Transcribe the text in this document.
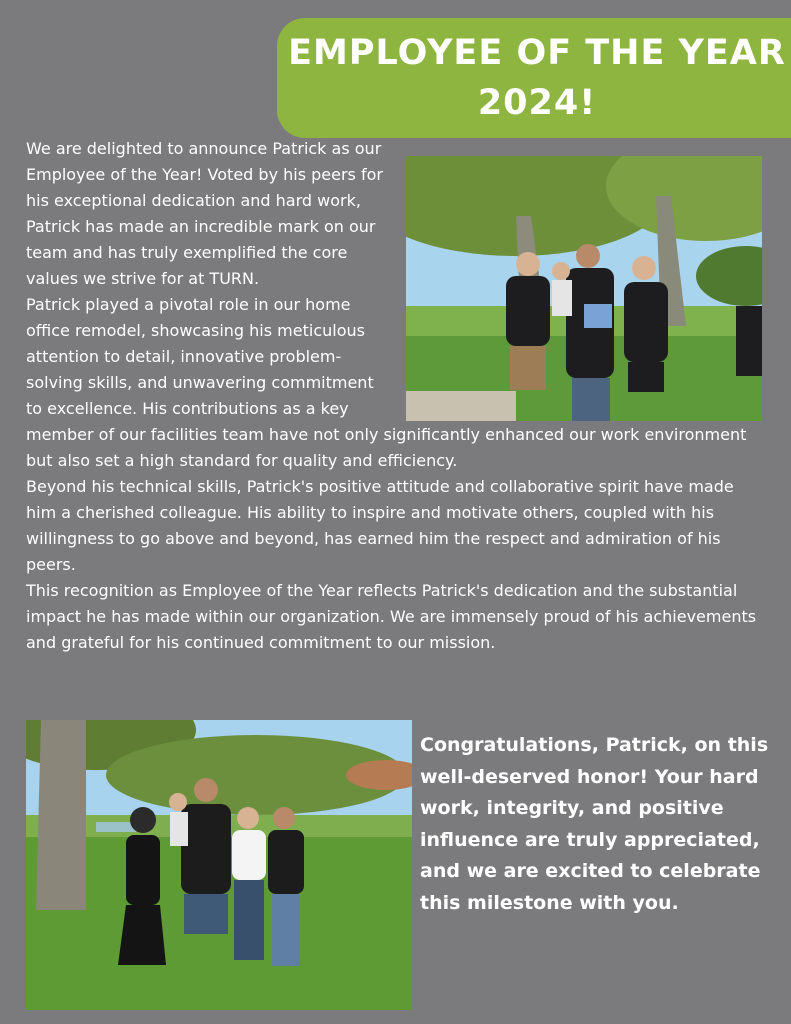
EMPLOYEE OF THE YEAR 2024!

We are delighted to announce Patrick as our Employee of the Year! Voted by his peers for his exceptional dedication and hard work, Patrick has made an incredible mark on our team and has truly exemplified the core values we strive for at TURN.

Patrick played a pivotal role in our home office remodel, showcasing his meticulous attention to detail, innovative problem-solving skills, and unwavering commitment to excellence. His contributions as a key member of our facilities team have not only significantly enhanced our work environment but also set a high standard for quality and efficiency.

Beyond his technical skills, Patrick's positive attitude and collaborative spirit have made him a cherished colleague. His ability to inspire and motivate others, coupled with his willingness to go above and beyond, has earned him the respect and admiration of his peers.

This recognition as Employee of the Year reflects Patrick's dedication and the substantial impact he has made within our organization. We are immensely proud of his achievements and grateful for his continued commitment to our mission.

Congratulations, Patrick, on this well-deserved honor! Your hard work, integrity, and positive influence are truly appreciated, and we are excited to celebrate this milestone with you.
